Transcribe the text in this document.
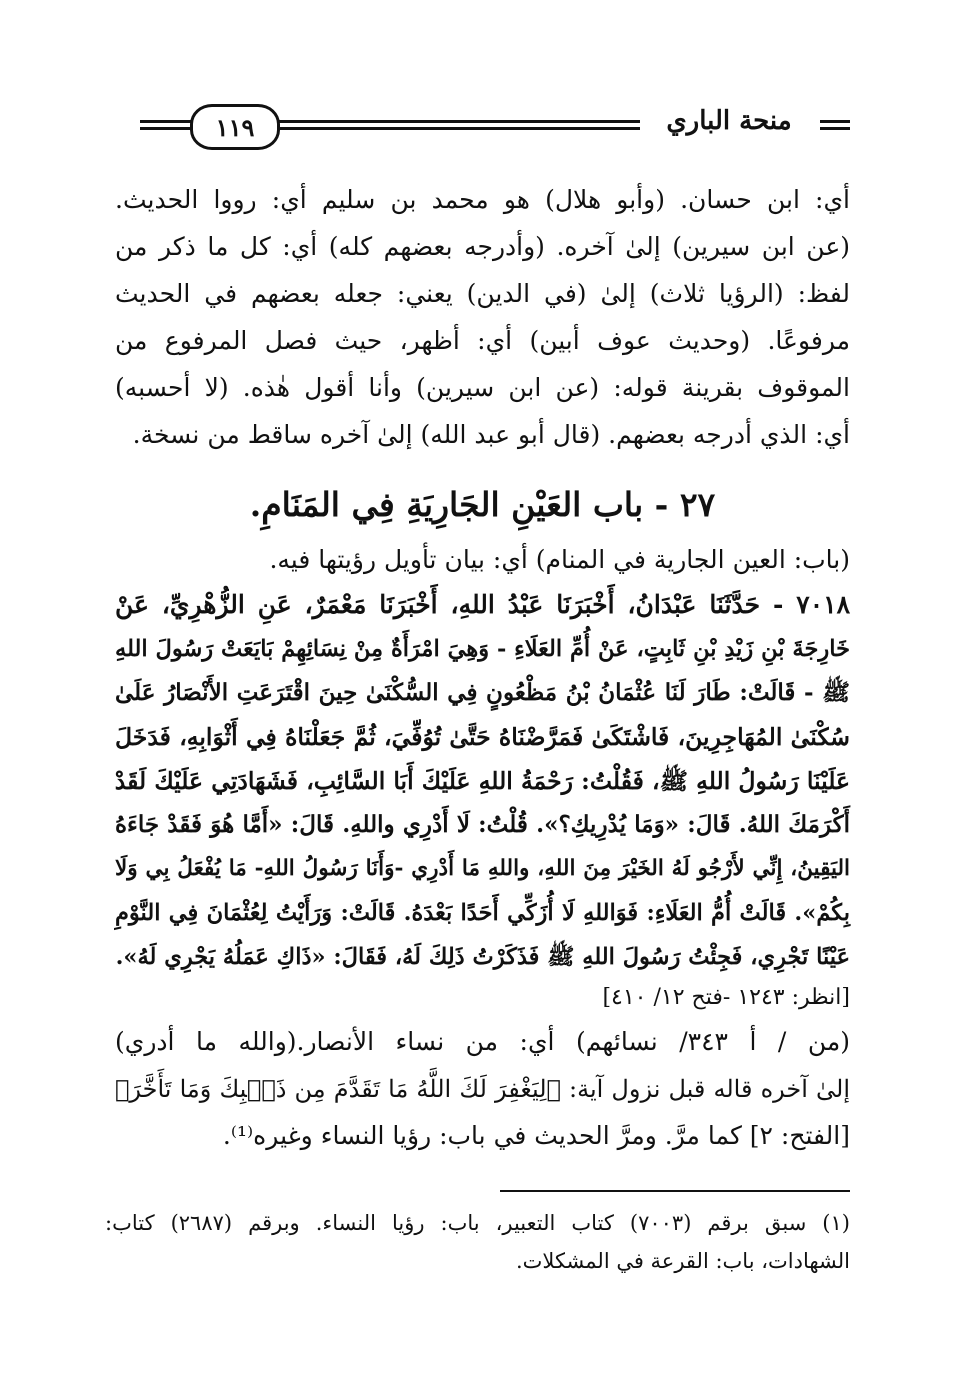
١١٩	منحة الباري
أي: ابن حسان. (وأبو هلال) هو محمد بن سليم أي: رووا الحديث.
(عن ابن سيرين) إلىٰ آخره. (وأدرجه بعضهم كله) أي: كل ما ذكر من
لفظ: (الرؤيا ثلاث) إلىٰ (في الدين) يعني: جعله بعضهم في الحديث
مرفوعًا. (وحديث عوف أبين) أي: أظهر، حيث فصل المرفوع من
الموقوف بقرينة قوله: (عن ابن سيرين) وأنا أقول هٰذه. (لا أحسبه)
أي: الذي أدرجه بعضهم. (قال أبو عبد الله) إلىٰ آخره ساقط من نسخة.
٢٧ - باب العَيْنِ الجَارِيَةِ فِي المَنَامِ.
(باب: العين الجارية في المنام) أي: بيان تأويل رؤيتها فيه.
٧٠١٨ - حَدَّثَنَا عَبْدَانُ، أَخْبَرَنَا عَبْدُ اللهِ، أَخْبَرَنَا مَعْمَرٌ، عَنِ الزُّهْرِيِّ، عَنْ
خَارِجَةَ بْنِ زَيْدِ بْنِ ثَابِتٍ، عَنْ أُمِّ العَلَاءِ - وَهِيَ امْرَأَةٌ مِنْ نِسَائِهِمْ بَايَعَتْ رَسُولَ اللهِ
ﷺ - قَالَتْ: طَارَ لَنَا عُثْمَانُ بْنُ مَظْعُونٍ فِي السُّكْنَىٰ حِينَ اقْتَرَعَتِ الأَنْصَارُ عَلَىٰ
سُكْنَىٰ المُهَاجِرِينَ، فَاشْتَكَىٰ فَمَرَّضْنَاهُ حَتَّىٰ تُوُفِّيَ، ثُمَّ جَعَلْنَاهُ فِي أَثْوَابِهِ، فَدَخَلَ
عَلَيْنَا رَسُولُ اللهِ ﷺ، فَقُلْتُ: رَحْمَةُ اللهِ عَلَيْكَ أَبَا السَّائِبِ، فَشَهَادَتِي عَلَيْكَ لَقَدْ
أَكْرَمَكَ اللهُ. قَالَ: «وَمَا يُدْرِيكِ؟». قُلْتُ: لَا أَدْرِي واللهِ. قَالَ: «أَمَّا هُوَ فَقَدْ جَاءَهُ
اليَقِينُ، إِنِّي لأَرْجُو لَهُ الخَيْرَ مِنَ اللهِ، واللهِ مَا أَدْرِي -وَأَنَا رَسُولُ اللهِ- مَا يُفْعَلُ بِي وَلَا
بِكُمْ». قَالَتْ أُمُّ العَلَاءِ: فَوَاللهِ لَا أُزَكِّي أَحَدًا بَعْدَهُ. قَالَتْ: وَرَأَيْتُ لِعُثْمَانَ فِي النَّوْمِ
عَيْنًا تَجْرِي، فَجِئْتُ رَسُولَ اللهِ ﷺ فَذَكَرْتُ ذَلِكَ لَهُ، فَقَالَ: «ذَاكِ عَمَلُهُ يَجْرِي لَهُ».
[انظر: ١٢٤٣ -فتح ١٢/ ٤١٠]
(من / أ ٣٤٣/ نسائهم) أي: من نساء الأنصار.(والله ما أدري)
إلىٰ آخره قاله قبل نزول آية: ﴿لِيَغْفِرَ لَكَ اللَّهُ مَا تَقَدَّمَ مِن ذَنۢبِكَ وَمَا تَأَخَّرَ﴾
[الفتح: ٢] كما مرَّ. ومرَّ الحديث في باب: رؤيا النساء وغيره⁽¹⁾.
(١) سبق برقم (٧٠٠٣) كتاب التعبير، باب: رؤيا النساء. وبرقم (٢٦٨٧) كتاب:
الشهادات، باب: القرعة في المشكلات.
